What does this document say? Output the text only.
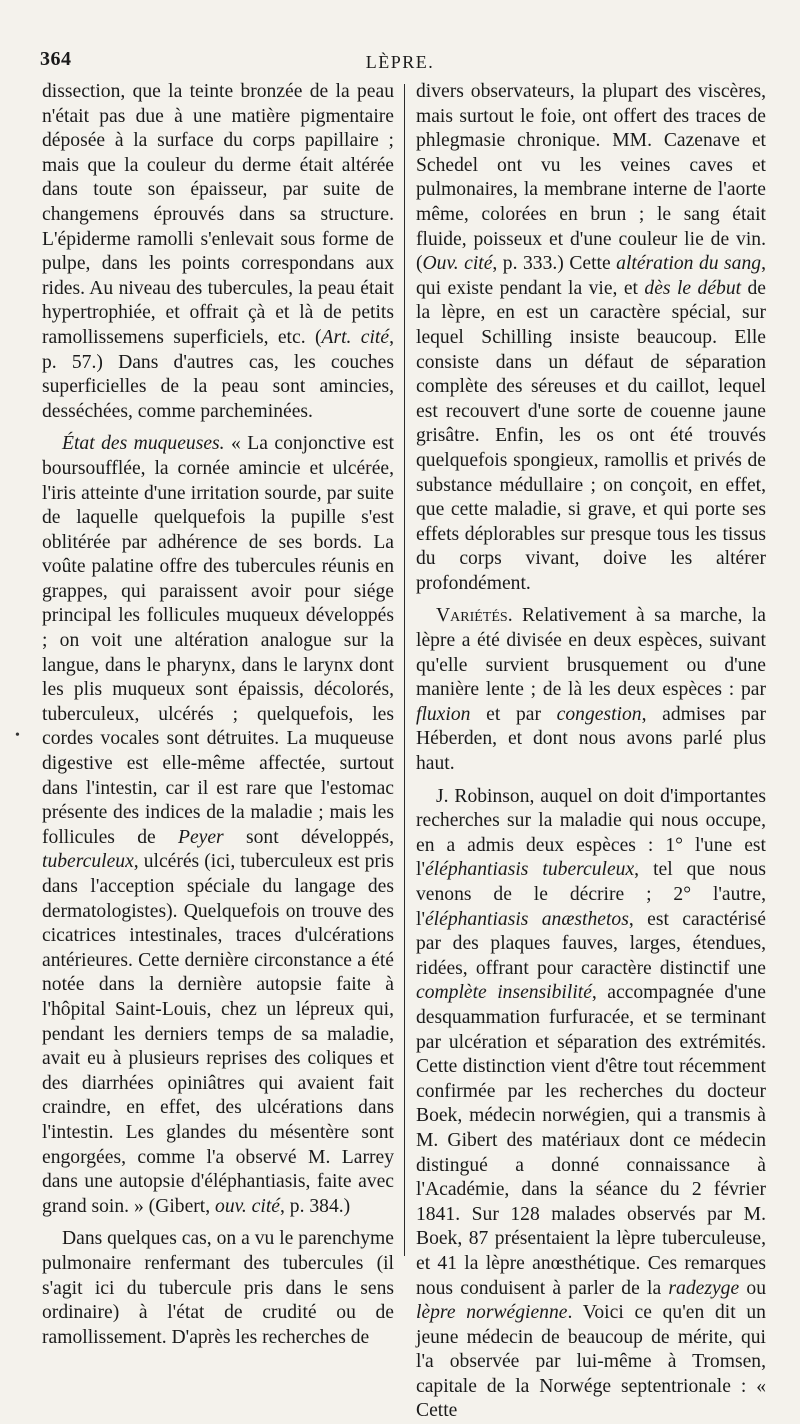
364	LÈPRE.
•

dissection, que la teinte bronzée de la peau n'était pas due à une matière pigmentaire déposée à la surface du corps papillaire ; mais que la couleur du derme était altérée dans toute son épaisseur, par suite de changemens éprouvés dans sa structure. L'épiderme ramolli s'enlevait sous forme de pulpe, dans les points correspondans aux rides. Au niveau des tubercules, la peau était hypertrophiée, et offrait çà et là de petits ramollissemens superficiels, etc. (Art. cité, p. 57.) Dans d'autres cas, les couches superficielles de la peau sont amincies, desséchées, comme parcheminées.

État des muqueuses. « La conjonctive est boursoufflée, la cornée amincie et ulcérée, l'iris atteinte d'une irritation sourde, par suite de laquelle quelquefois la pupille s'est oblitérée par adhérence de ses bords. La voûte palatine offre des tubercules réunis en grappes, qui paraissent avoir pour siége principal les follicules muqueux développés ; on voit une altération analogue sur la langue, dans le pharynx, dans le larynx dont les plis muqueux sont épaissis, décolorés, tuberculeux, ulcérés ; quelquefois, les cordes vocales sont détruites. La muqueuse digestive est elle-même affectée, surtout dans l'intestin, car il est rare que l'estomac présente des indices de la maladie ; mais les follicules de Peyer sont développés, tuberculeux, ulcérés (ici, tuberculeux est pris dans l'acception spéciale du langage des dermatologistes). Quelquefois on trouve des cicatrices intestinales, traces d'ulcérations antérieures. Cette dernière circonstance a été notée dans la dernière autopsie faite à l'hôpital Saint-Louis, chez un lépreux qui, pendant les derniers temps de sa maladie, avait eu à plusieurs reprises des coliques et des diarrhées opiniâtres qui avaient fait craindre, en effet, des ulcérations dans l'intestin. Les glandes du mésentère sont engorgées, comme l'a observé M. Larrey dans une autopsie d'éléphantiasis, faite avec grand soin. » (Gibert, ouv. cité, p. 384.)

Dans quelques cas, on a vu le parenchyme pulmonaire renfermant des tubercules (il s'agit ici du tubercule pris dans le sens ordinaire) à l'état de crudité ou de ramollissement. D'après les recherches de

divers observateurs, la plupart des viscères, mais surtout le foie, ont offert des traces de phlegmasie chronique. MM. Cazenave et Schedel ont vu les veines caves et pulmonaires, la membrane interne de l'aorte même, colorées en brun ; le sang était fluide, poisseux et d'une couleur lie de vin. (Ouv. cité, p. 333.) Cette altération du sang, qui existe pendant la vie, et dès le début de la lèpre, en est un caractère spécial, sur lequel Schilling insiste beaucoup. Elle consiste dans un défaut de séparation complète des séreuses et du caillot, lequel est recouvert d'une sorte de couenne jaune grisâtre. Enfin, les os ont été trouvés quelquefois spongieux, ramollis et privés de substance médullaire ; on conçoit, en effet, que cette maladie, si grave, et qui porte ses effets déplorables sur presque tous les tissus du corps vivant, doive les altérer profondément.

Variétés. Relativement à sa marche, la lèpre a été divisée en deux espèces, suivant qu'elle survient brusquement ou d'une manière lente ; de là les deux espèces : par fluxion et par congestion, admises par Héberden, et dont nous avons parlé plus haut.

J. Robinson, auquel on doit d'importantes recherches sur la maladie qui nous occupe, en a admis deux espèces : 1° l'une est l'éléphantiasis tuberculeux, tel que nous venons de le décrire ; 2° l'autre, l'éléphantiasis anæsthetos, est caractérisé par des plaques fauves, larges, étendues, ridées, offrant pour caractère distinctif une complète insensibilité, accompagnée d'une desquammation furfuracée, et se terminant par ulcération et séparation des extrémités. Cette distinction vient d'être tout récemment confirmée par les recherches du docteur Boek, médecin norwégien, qui a transmis à M. Gibert des matériaux dont ce médecin distingué a donné connaissance à l'Académie, dans la séance du 2 février 1841. Sur 128 malades observés par M. Boek, 87 présentaient la lèpre tuberculeuse, et 41 la lèpre anœsthétique. Ces remarques nous conduisent à parler de la radezyge ou lèpre norwégienne. Voici ce qu'en dit un jeune médecin de beaucoup de mérite, qui l'a observée par lui-même à Tromsen, capitale de la Norwége septentrionale : « Cette
